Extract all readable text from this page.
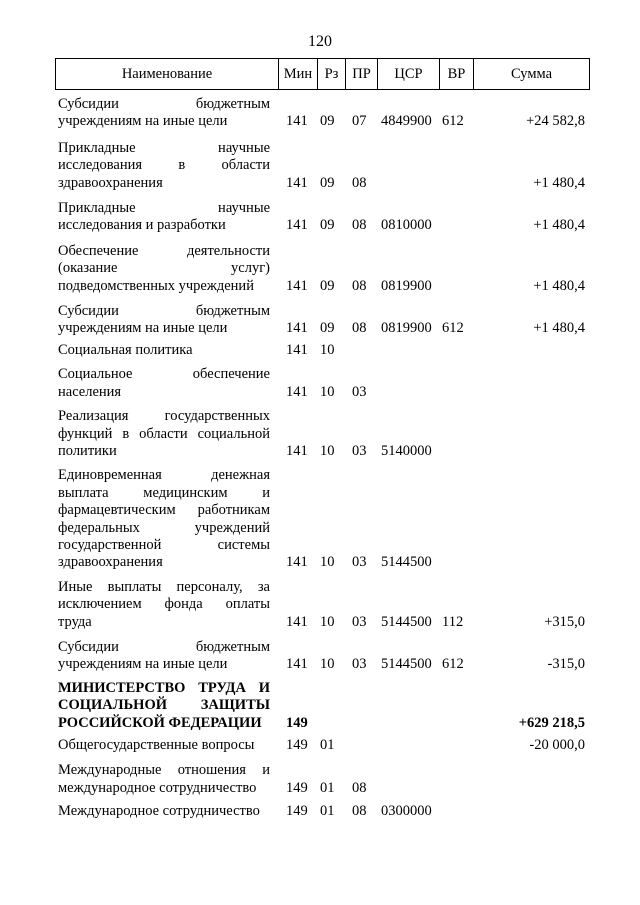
120
Наименование	Мин	Рз	ПР	ЦСР	ВР	Сумма
Субсидии бюджетным
учреждениям на иные цели	141 09 07 4849900 612	+24 582,8
Прикладные научные
исследования в области
здравоохранения	141 09 08	+1 480,4
Прикладные научные
исследования и разработки	141 09 08 0810000	+1 480,4
Обеспечение деятельности
(оказание услуг)
подведомственных учреждений	141 09 08 0819900	+1 480,4
Субсидии бюджетным
учреждениям на иные цели	141 09 08 0819900 612	+1 480,4
Социальная политика	141 10
Социальное обеспечение
населения	141 10 03
Реализация государственных
функций в области социальной
политики	141 10 03 5140000
Единовременная денежная
выплата медицинским и
фармацевтическим работникам
федеральных учреждений
государственной системы
здравоохранения	141 10 03 5144500
Иные выплаты персоналу, за
исключением фонда оплаты
труда	141 10 03 5144500 112	+315,0
Субсидии бюджетным
учреждениям на иные цели	141 10 03 5144500 612	-315,0
МИНИСТЕРСТВО ТРУДА И
СОЦИАЛЬНОЙ ЗАЩИТЫ
РОССИЙСКОЙ ФЕДЕРАЦИИ	149	+629 218,5
Общегосударственные вопросы	149 01	-20 000,0
Международные отношения и
международное сотрудничество	149 01 08
Международное сотрудничество	149 01 08 0300000
